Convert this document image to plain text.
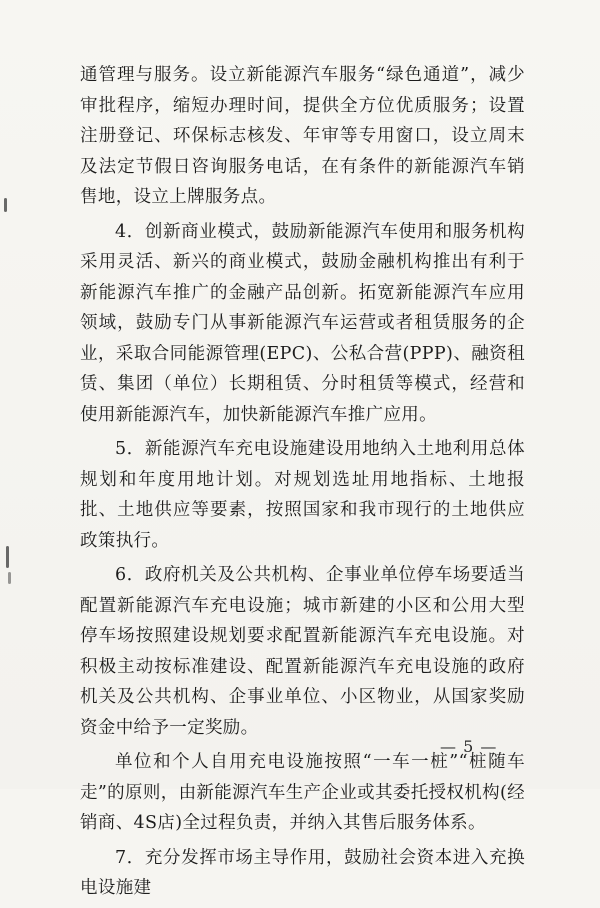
通管理与服务。设立新能源汽车服务“绿色通道”，减少审批程序，缩短办理时间，提供全方位优质服务；设置注册登记、环保标志核发、年审等专用窗口，设立周末及法定节假日咨询服务电话，在有条件的新能源汽车销售地，设立上牌服务点。

4．创新商业模式，鼓励新能源汽车使用和服务机构采用灵活、新兴的商业模式，鼓励金融机构推出有利于新能源汽车推广的金融产品创新。拓宽新能源汽车应用领域，鼓励专门从事新能源汽车运营或者租赁服务的企业，采取合同能源管理(EPC)、公私合营(PPP)、融资租赁、集团（单位）长期租赁、分时租赁等模式，经营和使用新能源汽车，加快新能源汽车推广应用。

5．新能源汽车充电设施建设用地纳入土地利用总体规划和年度用地计划。对规划选址用地指标、土地报批、土地供应等要素，按照国家和我市现行的土地供应政策执行。

6．政府机关及公共机构、企事业单位停车场要适当配置新能源汽车充电设施；城市新建的小区和公用大型停车场按照建设规划要求配置新能源汽车充电设施。对积极主动按标准建设、配置新能源汽车充电设施的政府机关及公共机构、企事业单位、小区物业，从国家奖励资金中给予一定奖励。

单位和个人自用充电设施按照“一车一桩”“桩随车走”的原则，由新能源汽车生产企业或其委托授权机构(经销商、4S店)全过程负责，并纳入其售后服务体系。

7．充分发挥市场主导作用，鼓励社会资本进入充换电设施建

— 5 —
